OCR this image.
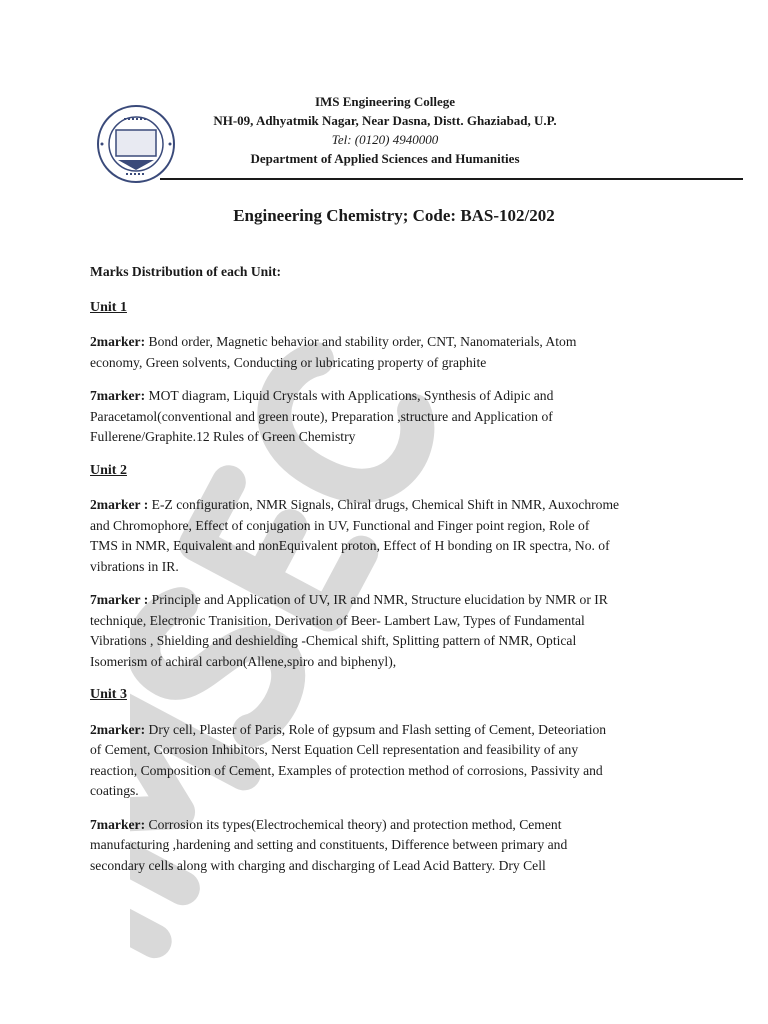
IMS Engineering College
NH-09, Adhyatmik Nagar, Near Dasna, Distt. Ghaziabad, U.P.
Tel: (0120) 4940000
Department of Applied Sciences and Humanities
Engineering Chemistry; Code: BAS-102/202

Marks Distribution of each Unit:

Unit 1

2marker: Bond order, Magnetic behavior and stability order, CNT, Nanomaterials, Atom
economy, Green solvents, Conducting or lubricating property of graphite

7marker: MOT diagram, Liquid Crystals with Applications, Synthesis of Adipic and
Paracetamol(conventional and green route), Preparation ,structure and Application of
Fullerene/Graphite.12 Rules of Green Chemistry

Unit 2

2marker : E-Z configuration, NMR Signals, Chiral drugs, Chemical Shift in NMR, Auxochrome
and Chromophore, Effect of conjugation in UV, Functional and Finger point region, Role of
TMS in NMR, Equivalent and nonEquivalent proton, Effect of H bonding on IR spectra, No. of
vibrations in IR.

7marker : Principle and Application of UV, IR and NMR, Structure elucidation by NMR or IR
technique, Electronic Tranisition, Derivation of Beer- Lambert Law, Types of Fundamental
Vibrations , Shielding and deshielding -Chemical shift, Splitting pattern of NMR, Optical
Isomerism of achiral carbon(Allene,spiro and biphenyl),

Unit 3

2marker: Dry cell, Plaster of Paris, Role of gypsum and Flash setting of Cement, Deteoriation
of Cement, Corrosion Inhibitors, Nerst Equation Cell representation and feasibility of any
reaction, Composition of Cement, Examples of protection method of corrosions, Passivity and
coatings.

7marker: Corrosion its types(Electrochemical theory) and protection method, Cement
manufacturing ,hardening and setting and constituents, Difference between primary and
secondary cells along with charging and discharging of Lead Acid Battery. Dry Cell
